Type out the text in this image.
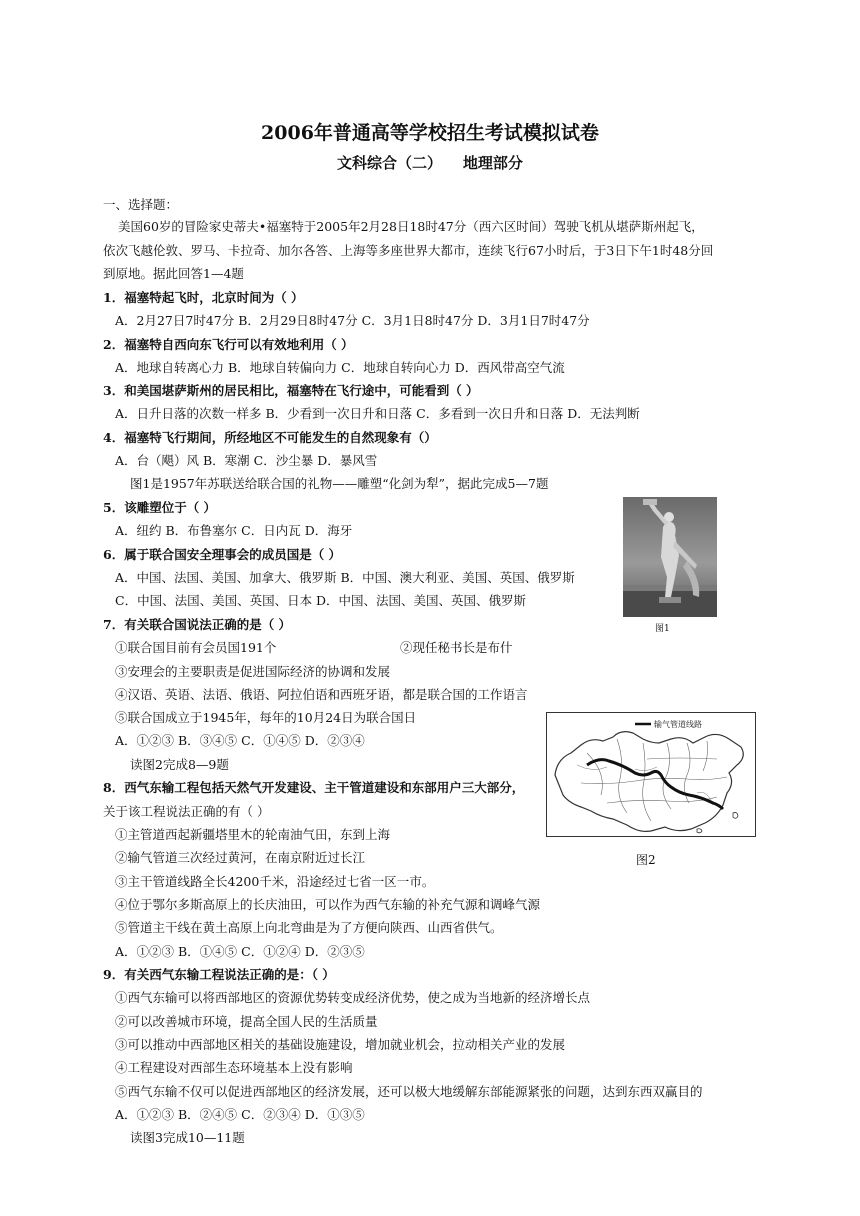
2006年普通高等学校招生考试模拟试卷
文科综合（二）    地理部分
一、选择题：
美国60岁的冒险家史蒂夫•福塞特于2005年2月28日18时47分（西六区时间）驾驶飞机从堪萨斯州起飞，
依次飞越伦敦、罗马、卡拉奇、加尔各答、上海等多座世界大都市，连续飞行67小时后，于3日下午1时48分回
到原地。据此回答1—4题
1．福塞特起飞时，北京时间为（ ）
A．2月27日7时47分 B．2月29日8时47分 C．3月1日8时47分 D．3月1日7时47分
2．福塞特自西向东飞行可以有效地利用（ ）
A．地球自转离心力 B．地球自转偏向力 C．地球自转向心力 D．西风带高空气流
3．和美国堪萨斯州的居民相比，福塞特在飞行途中，可能看到（ ）
A．日升日落的次数一样多 B．少看到一次日升和日落 C．多看到一次日升和日落 D．无法判断
4．福塞特飞行期间，所经地区不可能发生的自然现象有（）
A．台（飓）风 B．寒潮 C．沙尘暴 D．暴风雪
图1是1957年苏联送给联合国的礼物——雕塑“化剑为犁”，据此完成5—7题
5．该雕塑位于（ ）
A．纽约 B．布鲁塞尔 C．日内瓦 D．海牙
6．属于联合国安全理事会的成员国是（ ）
A．中国、法国、美国、加拿大、俄罗斯 B．中国、澳大利亚、美国、英国、俄罗斯
C．中国、法国、美国、英国、日本 D．中国、法国、美国、英国、俄罗斯
7．有关联合国说法正确的是（ ）
①联合国目前有会员国191个	②现任秘书长是布什
③安理会的主要职责是促进国际经济的协调和发展
④汉语、英语、法语、俄语、阿拉伯语和西班牙语，都是联合国的工作语言
⑤联合国成立于1945年，每年的10月24日为联合国日
A．①②③ B．③④⑤ C．①④⑤ D．②③④
读图2完成8—9题
8．西气东输工程包括天然气开发建设、主干管道建设和东部用户三大部分，
关于该工程说法正确的有（ ）
①主管道西起新疆塔里木的轮南油气田，东到上海
②输气管道三次经过黄河，在南京附近过长江
③主干管道线路全长4200千米，沿途经过七省一区一市。
④位于鄂尔多斯高原上的长庆油田，可以作为西气东输的补充气源和调峰气源
⑤管道主干线在黄土高原上向北弯曲是为了方便向陕西、山西省供气。
A．①②③ B．①④⑤ C．①②④ D．②③⑤
9．有关西气东输工程说法正确的是：（ ）
①西气东输可以将西部地区的资源优势转变成经济优势，使之成为当地新的经济增长点
②可以改善城市环境，提高全国人民的生活质量
③可以推动中西部地区相关的基础设施建设，增加就业机会，拉动相关产业的发展
④工程建设对西部生态环境基本上没有影响
⑤西气东输不仅可以促进西部地区的经济发展，还可以极大地缓解东部能源紧张的问题，达到东西双赢目的
A．①②③ B．②④⑤ C．②③④ D．①③⑤
读图3完成10—11题
图1
输气管道线路
图2
